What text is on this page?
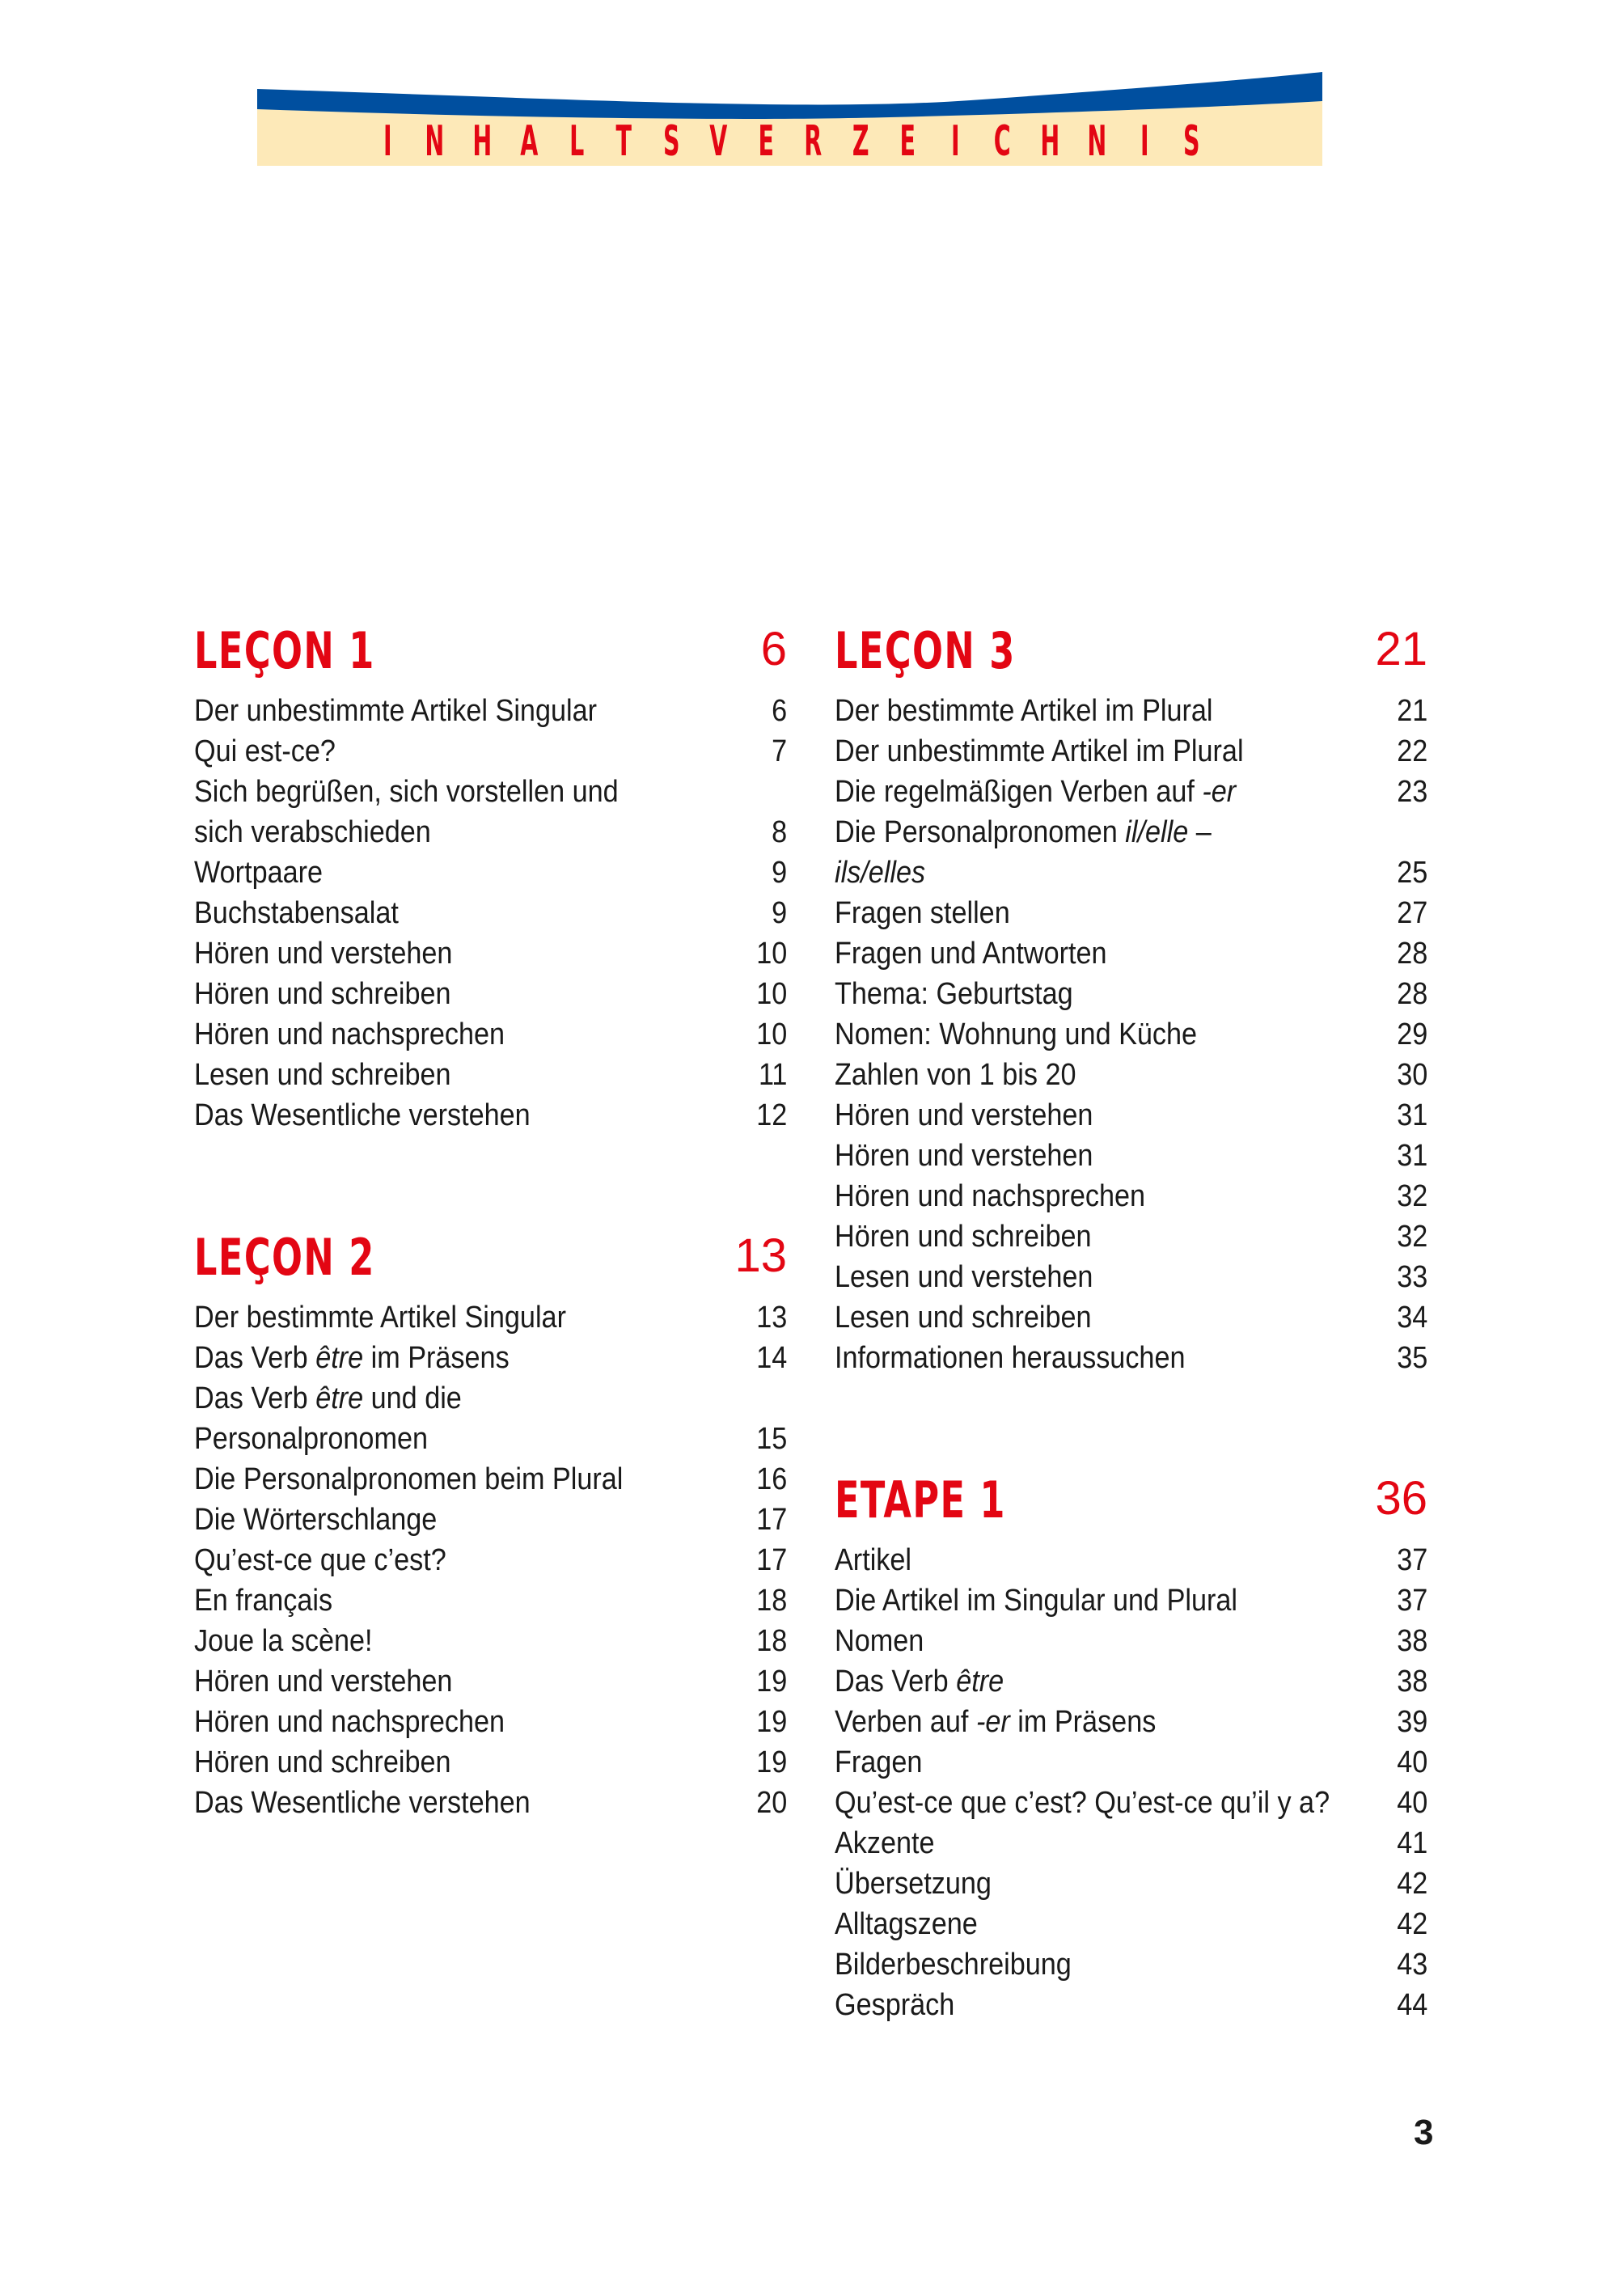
I N H A L T S V E R Z E I C H N I S
LEÇON 1	6
Der unbestimmte Artikel Singular	6
Qui est-ce?	7
Sich begrüßen, sich vorstellen und
sich verabschieden	8
Wortpaare	9
Buchstabensalat	9
Hören und verstehen	10
Hören und schreiben	10
Hören und nachsprechen	10
Lesen und schreiben	11
Das Wesentliche verstehen	12
LEÇON 2	13
Der bestimmte Artikel Singular	13
Das Verb être im Präsens	14
Das Verb être und die
Personalpronomen	15
Die Personalpronomen beim Plural	16
Die Wörterschlange	17
Qu’est-ce que c’est?	17
En français	18
Joue la scène!	18
Hören und verstehen	19
Hören und nachsprechen	19
Hören und schreiben	19
Das Wesentliche verstehen	20
LEÇON 3	21
Der bestimmte Artikel im Plural	21
Der unbestimmte Artikel im Plural	22
Die regelmäßigen Verben auf -er	23
Die Personalpronomen il/elle –
ils/elles	25
Fragen stellen	27
Fragen und Antworten	28
Thema: Geburtstag	28
Nomen: Wohnung und Küche	29
Zahlen von 1 bis 20	30
Hören und verstehen	31
Hören und verstehen	31
Hören und nachsprechen	32
Hören und schreiben	32
Lesen und verstehen	33
Lesen und schreiben	34
Informationen heraussuchen	35
ETAPE 1	36
Artikel	37
Die Artikel im Singular und Plural	37
Nomen	38
Das Verb être	38
Verben auf -er im Präsens	39
Fragen	40
Qu’est-ce que c’est? Qu’est-ce qu’il y a? 40
Akzente	41
Übersetzung	42
Alltagszene	42
Bilderbeschreibung	43
Gespräch	44
3
